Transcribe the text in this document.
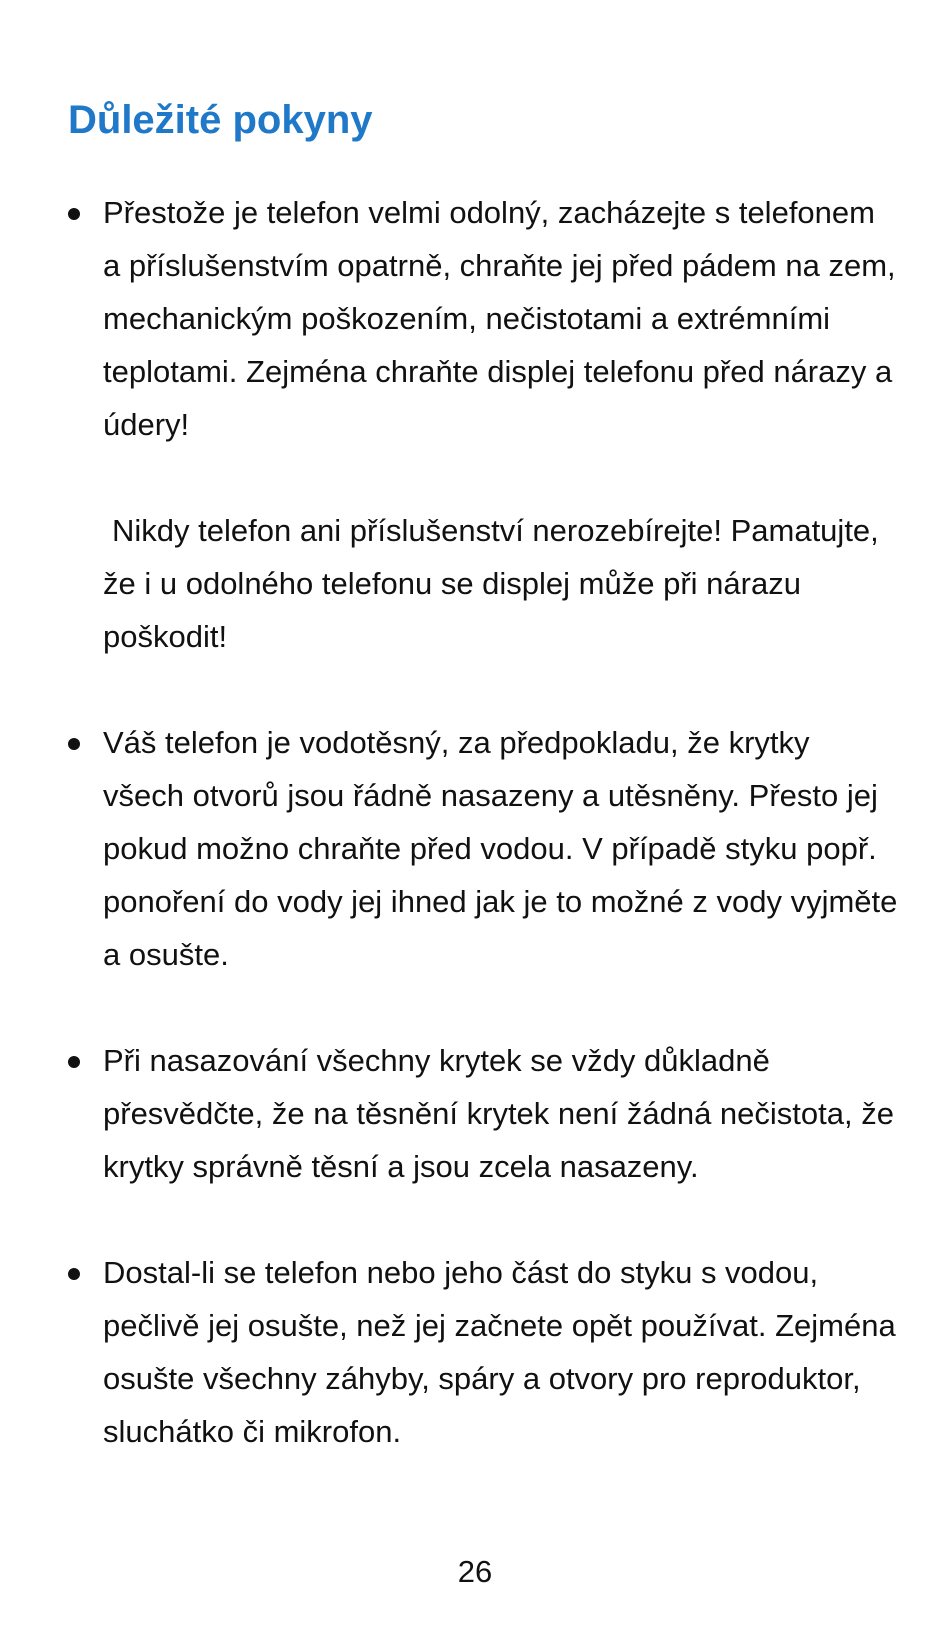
Důležité pokyny

Přestože je telefon velmi odolný, zacházejte s telefonem a příslušenstvím opatrně, chraňte jej před pádem na zem, mechanickým poškozením, nečistotami a extrémními teplotami. Zejména chraňte displej telefonu před nárazy a údery!

Nikdy telefon ani příslušenství nerozebírejte! Pamatujte, že i u odolného telefonu se displej může při nárazu poškodit!

Váš telefon je vodotěsný, za předpokladu, že krytky všech otvorů jsou řádně nasazeny a utěsněny. Přesto jej pokud možno chraňte před vodou. V případě styku popř. ponoření do vody jej ihned jak je to možné z vody vyjměte a osušte.

Při nasazování všechny krytek se vždy důkladně přesvědčte, že na těsnění krytek není žádná nečistota, že krytky správně těsní a jsou zcela nasazeny.

Dostal-li se telefon nebo jeho část do styku s vodou, pečlivě jej osušte, než jej začnete opět používat. Zejména osušte všechny záhyby, spáry a otvory pro reproduktor, sluchátko či mikrofon.

26
